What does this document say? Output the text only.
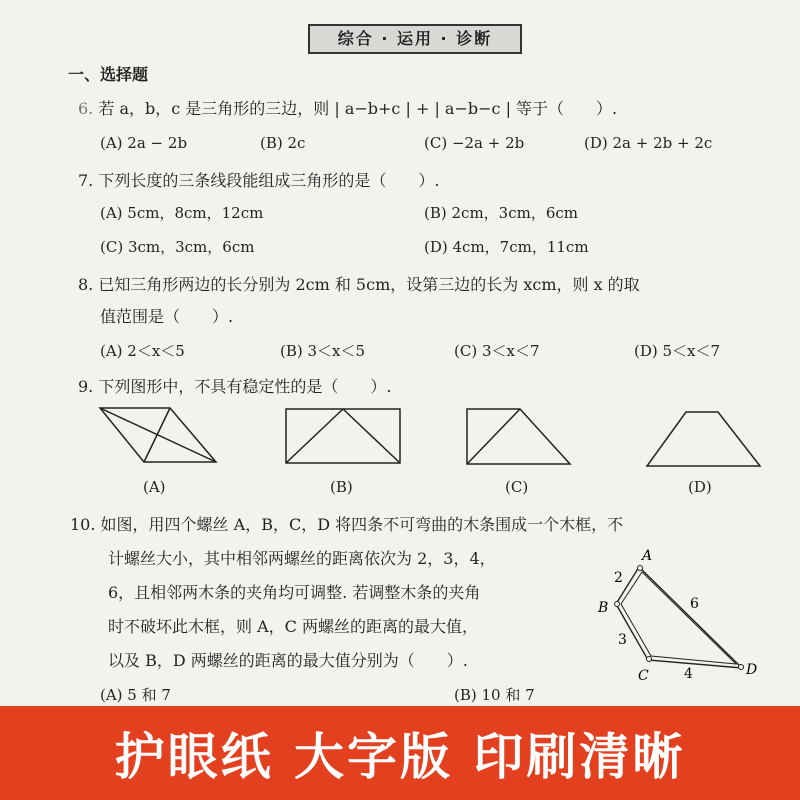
综合 · 运用 · 诊断
一、选择题
6. 若 a，b，c 是三角形的三边，则 | a−b+c | + | a−b−c | 等于（　　）.
(A) 2a − 2b	(B) 2c	(C) −2a + 2b	(D) 2a + 2b + 2c
7. 下列长度的三条线段能组成三角形的是（　　）.
(A) 5cm，8cm，12cm	(B) 2cm，3cm，6cm
(C) 3cm，3cm，6cm	(D) 4cm，7cm，11cm
8. 已知三角形两边的长分别为 2cm 和 5cm，设第三边的长为 xcm，则 x 的取
值范围是（　　）.
(A) 2＜x＜5	(B) 3＜x＜5	(C) 3＜x＜7	(D) 5＜x＜7
9. 下列图形中，不具有稳定性的是（　　）.
(A)	(B)	(C)	(D)
10. 如图，用四个螺丝 A，B，C，D 将四条不可弯曲的木条围成一个木框，不
计螺丝大小，其中相邻两螺丝的距离依次为 2，3，4，
6，且相邻两木条的夹角均可调整. 若调整木条的夹角
时不破坏此木框，则 A，C 两螺丝的距离的最大值，
以及 B，D 两螺丝的距离的最大值分别为（　　）.
(A) 5 和 7	(B) 10 和 7
A
B
C	D
2
6
3
4
护眼纸 大字版 印刷清晰
